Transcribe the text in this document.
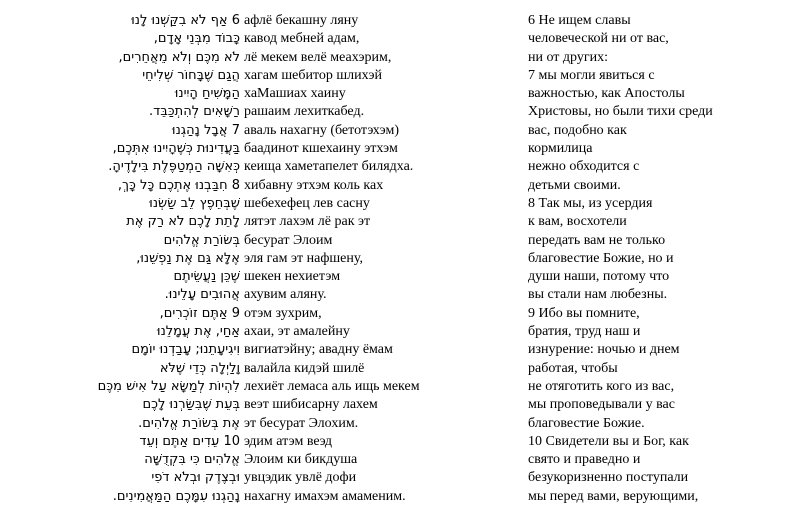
6 אַף לֹא בִקַּשְׁנוּ לָנוּ
כָּבוֹד מִבְּנֵי אָדָם,
לֹא מִכֶּם וְלֹא מֵאֲחֵרִים,
הֲגַם שֶׁבָּחוֹר שְׁלִיחֵי
הַמָּשִׁיחַ הָיִינוּ
רַשָּׁאִים לְהִתְכַּבֵּד.
7 אֲבָל נָהַגְנוּ
בַּעֲדִינוּת כְּשֶׁהָיִינוּ אִתְּכֶם,
כְּאִשָּׁה הַמְטַפֶּלֶת בִּילָדֶיהָ.
8 חִבַּבְנוּ אֶתְכֶם כָּל כָּךְ,
שֶׁבְּחֵפֶץ לֵב שַׂשְׂנוּ
לָתֵת לָכֶם לֹא רַק אֶת
בְּשׂוֹרַת אֱלֹהִים
אֶלָּא גַּם אֶת נַפְשֵׁנוּ,
שֶׁכֵּן נַעֲשֵׂיתֶם
אֲהוּבִים עָלֵינוּ.
9 אַתֶּם זוֹכְרִים,
אַחַי, אֶת עֲמָלֵנוּ
וִיגִיעָתֵנוּ; עָבַדְנוּ יוֹמָם
וָלַיְלָה כְּדֵי שֶׁלֹּא
לִהְיוֹת לְמַשָּׂא עַל אִישׁ מִכֶּם
בְּעֵת שֶׁבִּשַּׂרְנוּ לָכֶם
אֶת בְּשׂוֹרַת אֱלֹהִים.
10 עֵדִים אַתֶּם וְעֵד
אֱלֹהִים כִּי בִּקְדֻשָּׁה
וּבְצֶדֶק וּבְלֹא דֹפִי
נָהַגְנוּ עִמָּכֶם הַמַּאֲמִינִים.
афлё бекашну ляну
кавод мебней адам,
лё мекем велё меахэрим,
хагам шебитор шлихэй
хаМашиах хаину
рашаим лехиткабед.
аваль нахагну (бетотэхэм)
баадинот кшехаину этхэм
кеища хаметапелет билядха.
хибавну этхэм коль ках
шебехефец лев сасну
лятэт лахэм лё рак эт
бесурат Элоим
эля гам эт нафшену,
шекен нехиетэм
ахувим аляну.
отэм зухрим,
ахаи, эт амалейну
вигиатэйну; авадну ёмам
валайла кидэй шилё
лехиёт лемаса аль ищь мекем
веэт шибисарну лахем
эт бесурат Элохим.
эдим атэм веэд
Элоим ки бикдуша
увцэдик увлё дофи
нахагну имахэм амаменим.
6 Не ищем славы
человеческой ни от вас,
ни от других:
7 мы могли явиться с
важностью, как Апостолы
Христовы, но были тихи среди
вас, подобно как
кормилица
нежно обходится с
детьми своими.
8 Так мы, из усердия
к вам, восхотели
передать вам не только
благовестие Божие, но и
души наши, потому что
вы стали нам любезны.
9 Ибо вы помните,
братия, труд наш и
изнурение: ночью и днем
работая, чтобы
не отяготить кого из вас,
мы проповедывали у вас
благовестие Божие.
10 Свидетели вы и Бог, как
свято и праведно и
безукоризненно поступали
мы перед вами, верующими,
